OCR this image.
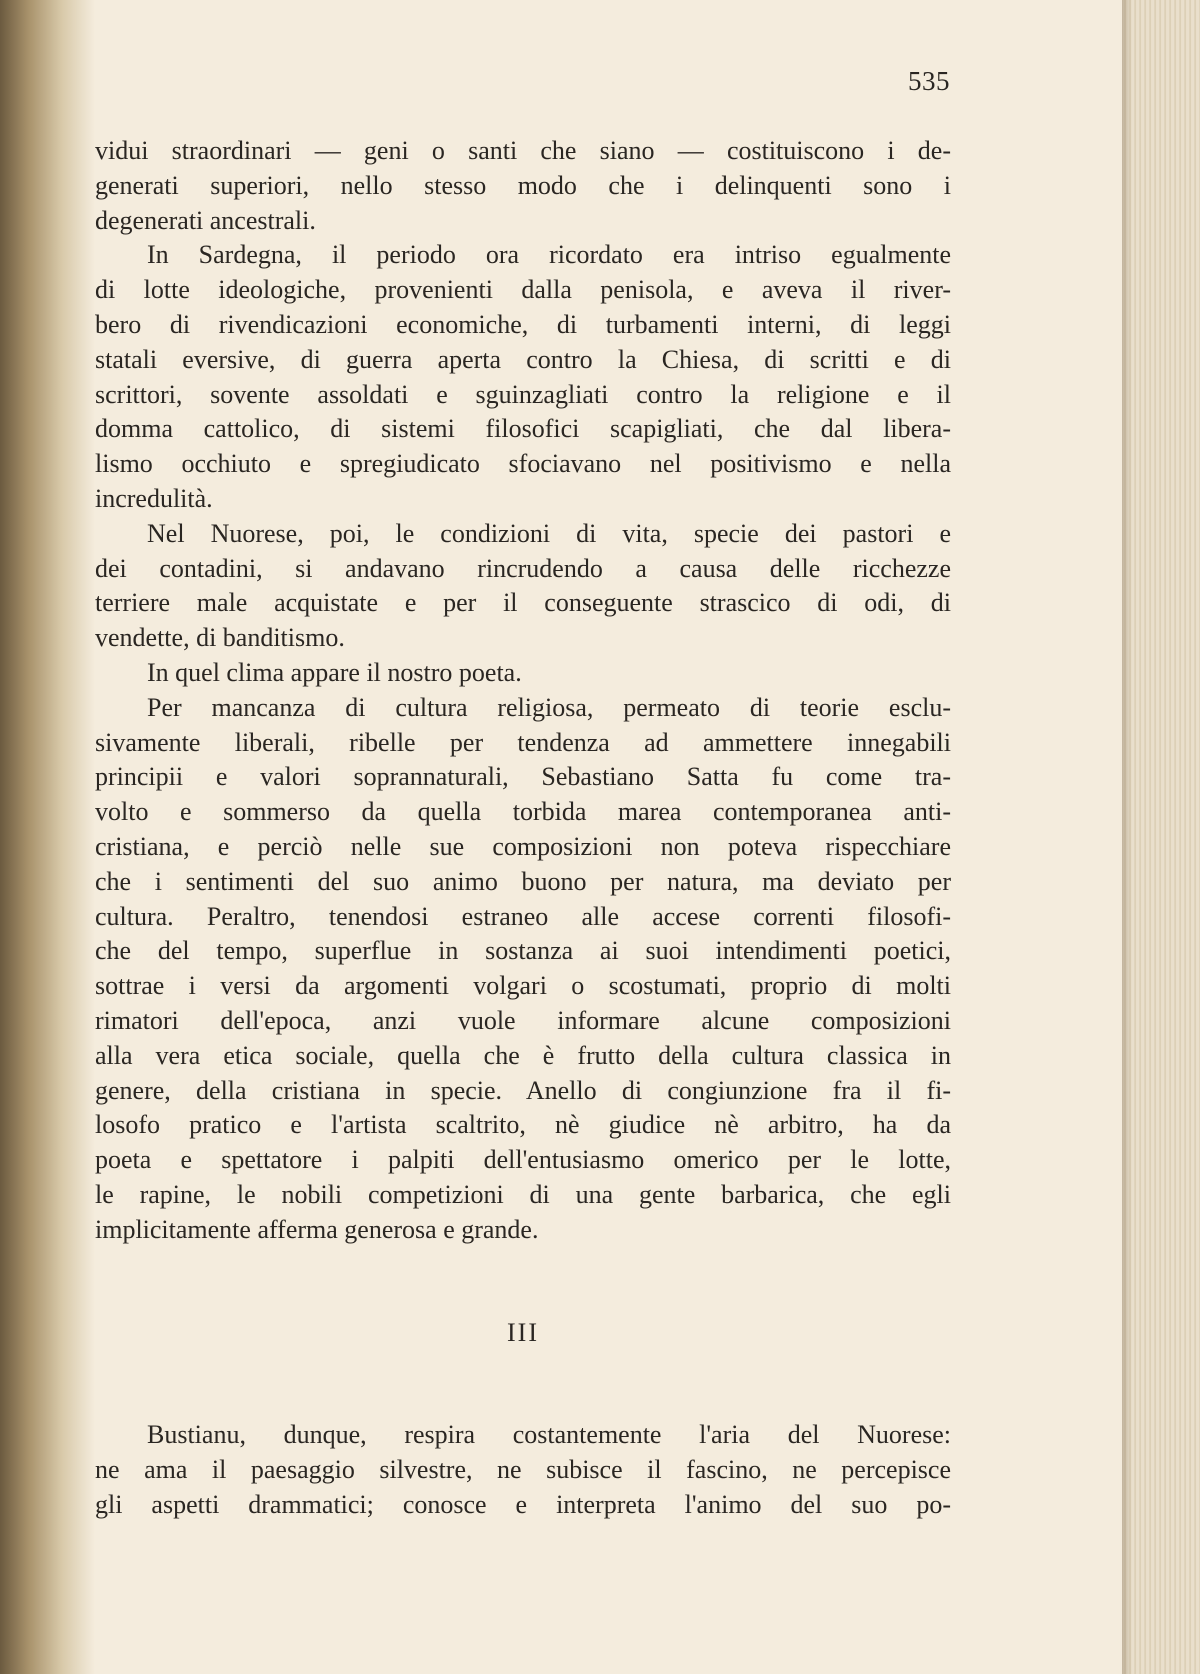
535
vidui straordinari — geni o santi che siano — costituiscono i de-
generati superiori, nello stesso modo che i delinquenti sono i
degenerati ancestrali.
In Sardegna, il periodo ora ricordato era intriso egualmente
di lotte ideologiche, provenienti dalla penisola, e aveva il river-
bero di rivendicazioni economiche, di turbamenti interni, di leggi
statali eversive, di guerra aperta contro la Chiesa, di scritti e di
scrittori, sovente assoldati e sguinzagliati contro la religione e il
domma cattolico, di sistemi filosofici scapigliati, che dal libera-
lismo occhiuto e spregiudicato sfociavano nel positivismo e nella
incredulità.
Nel Nuorese, poi, le condizioni di vita, specie dei pastori e
dei contadini, si andavano rincrudendo a causa delle ricchezze
terriere male acquistate e per il conseguente strascico di odi, di
vendette, di banditismo.
In quel clima appare il nostro poeta.
Per mancanza di cultura religiosa, permeato di teorie esclu-
sivamente liberali, ribelle per tendenza ad ammettere innegabili
principii e valori soprannaturali, Sebastiano Satta fu come tra-
volto e sommerso da quella torbida marea contemporanea anti-
cristiana, e perciò nelle sue composizioni non poteva rispecchiare
che i sentimenti del suo animo buono per natura, ma deviato per
cultura. Peraltro, tenendosi estraneo alle accese correnti filosofi-
che del tempo, superflue in sostanza ai suoi intendimenti poetici,
sottrae i versi da argomenti volgari o scostumati, proprio di molti
rimatori dell'epoca, anzi vuole informare alcune composizioni
alla vera etica sociale, quella che è frutto della cultura classica in
genere, della cristiana in specie. Anello di congiunzione fra il fi-
losofo pratico e l'artista scaltrito, nè giudice nè arbitro, ha da
poeta e spettatore i palpiti dell'entusiasmo omerico per le lotte,
le rapine, le nobili competizioni di una gente barbarica, che egli
implicitamente afferma generosa e grande.
III
Bustianu, dunque, respira costantemente l'aria del Nuorese:
ne ama il paesaggio silvestre, ne subisce il fascino, ne percepisce
gli aspetti drammatici; conosce e interpreta l'animo del suo po-
